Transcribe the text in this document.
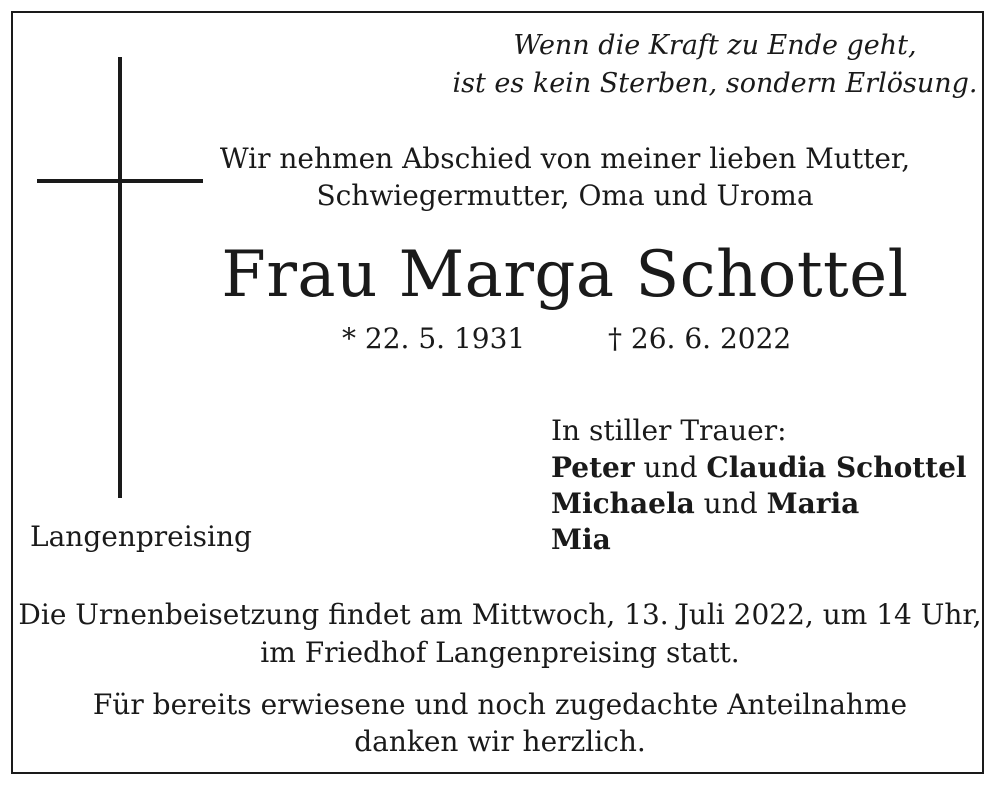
Wenn die Kraft zu Ende geht,
ist es kein Sterben, sondern Erlösung.
Wir nehmen Abschied von meiner lieben Mutter,
Schwiegermutter, Oma und Uroma
Frau Marga Schottel
* 22. 5. 1931	† 26. 6. 2022
In stiller Trauer:
Peter und Claudia Schottel
Michaela und Maria
Mia
Langenpreising
Die Urnenbeisetzung findet am Mittwoch, 13. Juli 2022, um 14 Uhr,
im Friedhof Langenpreising statt.
Für bereits erwiesene und noch zugedachte Anteilnahme
danken wir herzlich.
